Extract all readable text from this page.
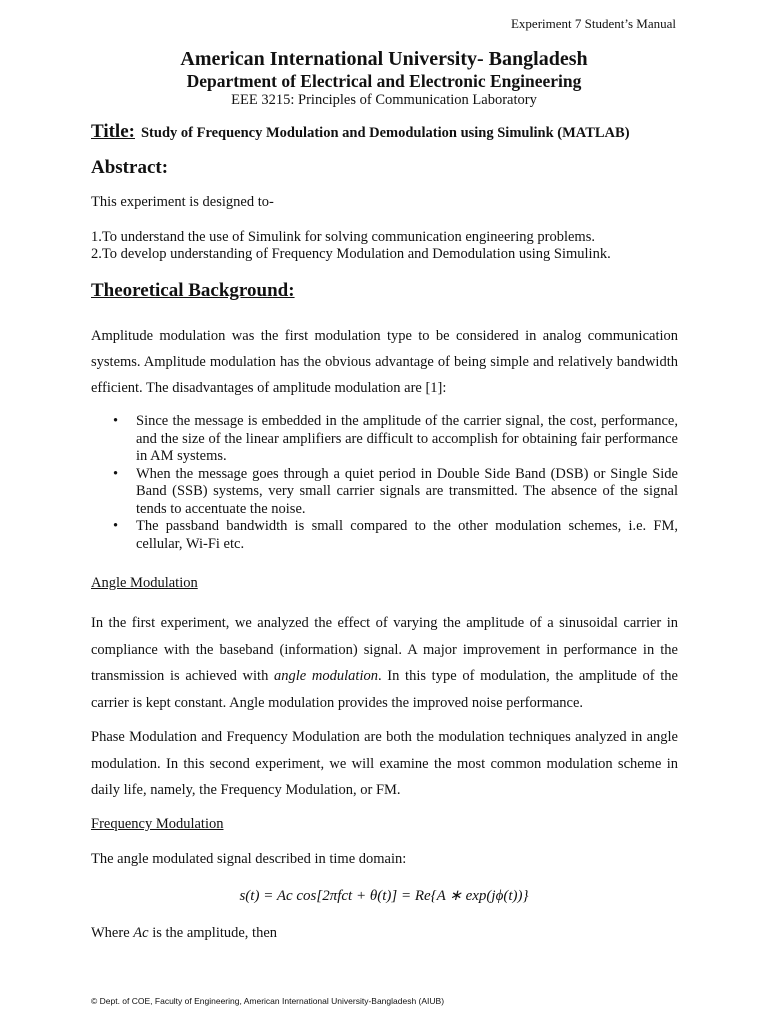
Experiment 7 Student’s Manual
American International University- Bangladesh
Department of Electrical and Electronic Engineering
EEE 3215: Principles of Communication Laboratory
Title: Study of Frequency Modulation and Demodulation using Simulink (MATLAB)
Abstract:
This experiment is designed to-
1.To understand the use of Simulink for solving communication engineering problems.
2.To develop understanding of Frequency Modulation and Demodulation using Simulink.
Theoretical Background:
Amplitude modulation was the first modulation type to be considered in analog communication systems. Amplitude modulation has the obvious advantage of being simple and relatively bandwidth efficient. The disadvantages of amplitude modulation are [1]:
• Since the message is embedded in the amplitude of the carrier signal, the cost, performance, and the size of the linear amplifiers are difficult to accomplish for obtaining fair performance in AM systems.
• When the message goes through a quiet period in Double Side Band (DSB) or Single Side Band (SSB) systems, very small carrier signals are transmitted. The absence of the signal tends to accentuate the noise.
• The passband bandwidth is small compared to the other modulation schemes, i.e. FM, cellular, Wi-Fi etc.
Angle Modulation
In the first experiment, we analyzed the effect of varying the amplitude of a sinusoidal carrier in compliance with the baseband (information) signal. A major improvement in performance in the transmission is achieved with angle modulation. In this type of modulation, the amplitude of the carrier is kept constant. Angle modulation provides the improved noise performance.
Phase Modulation and Frequency Modulation are both the modulation techniques analyzed in angle modulation. In this second experiment, we will examine the most common modulation scheme in daily life, namely, the Frequency Modulation, or FM.
Frequency Modulation
The angle modulated signal described in time domain:
s(t) = Ac cos[2πfct + θ(t)] = Re{A ∗ exp(jϕ(t))}
Where Ac is the amplitude, then
© Dept. of COE, Faculty of Engineering, American International University-Bangladesh (AIUB)
